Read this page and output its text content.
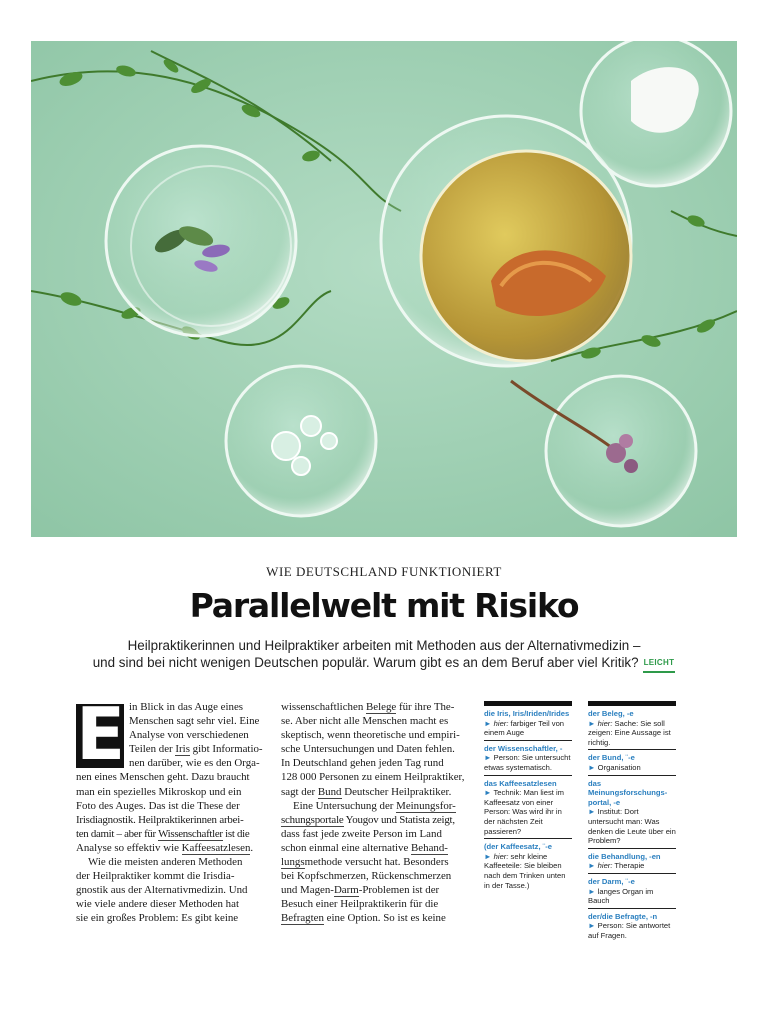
WIE DEUTSCHLAND FUNKTIONIERT
Parallelwelt mit Risiko
Heilpraktikerinnen und Heilpraktiker arbeiten mit Methoden aus der Alternativmedizin –
und sind bei nicht wenigen Deutschen populär. Warum gibt es an dem Beruf aber viel Kritik? LEICHT
E in Blick in das Auge eines
Menschen sagt sehr viel. Eine
Analyse von verschiedenen
Teilen der Iris gibt Informatio-
nen darüber, wie es den Orga-
nen eines Menschen geht. Dazu braucht
man ein spezielles Mikroskop und ein
Foto des Auges. Das ist die These der
Irisdiagnostik. Heilpraktikerinnen arbei-
ten damit – aber für Wissenschaftler ist die
Analyse so effektiv wie Kaffeesatzlesen.
Wie die meisten anderen Methoden
der Heilpraktiker kommt die Irisdia-
gnostik aus der Alternativmedizin. Und
wie viele andere dieser Methoden hat
sie ein großes Problem: Es gibt keine
wissenschaftlichen Belege für ihre The-
se. Aber nicht alle Menschen macht es
skeptisch, wenn theoretische und empiri-
sche Untersuchungen und Daten fehlen.
In Deutschland gehen jeden Tag rund
128 000 Personen zu einem Heilpraktiker,
sagt der Bund Deutscher Heilpraktiker.
Eine Untersuchung der Meinungsfor-
schungsportale Yougov und Statista zeigt,
dass fast jede zweite Person im Land
schon einmal eine alternative Behand-
lungsmethode versucht hat. Besonders
bei Kopfschmerzen, Rückenschmerzen
und Magen-Darm-Problemen ist der
Besuch einer Heilpraktikerin für die
Befragten eine Option. So ist es keine
die Iris, Iris/Iriden/Irides
► hier: farbiger Teil von einem Auge
der Wissenschaftler, -
► Person: Sie untersucht etwas systematisch.
das Kaffeesatzlesen
► Technik: Man liest im Kaffeesatz von einer Person: Was wird ihr in der nächsten Zeit passieren?
(der Kaffeesatz, ¨-e
► hier: sehr kleine Kaffeeteile: Sie bleiben nach dem Trinken unten in der Tasse.)
der Beleg, -e
► hier: Sache: Sie soll zeigen: Eine Aussage ist richtig.
der Bund, ¨-e
► Organisation
das Meinungsforschungs-portal, -e
► Institut: Dort untersucht man: Was denken die Leute über ein Problem?
die Behandlung, -en
► hier: Therapie
der Darm, ¨-e
► langes Organ im Bauch
der/die Befragte, -n
► Person: Sie antwortet auf Fragen.
